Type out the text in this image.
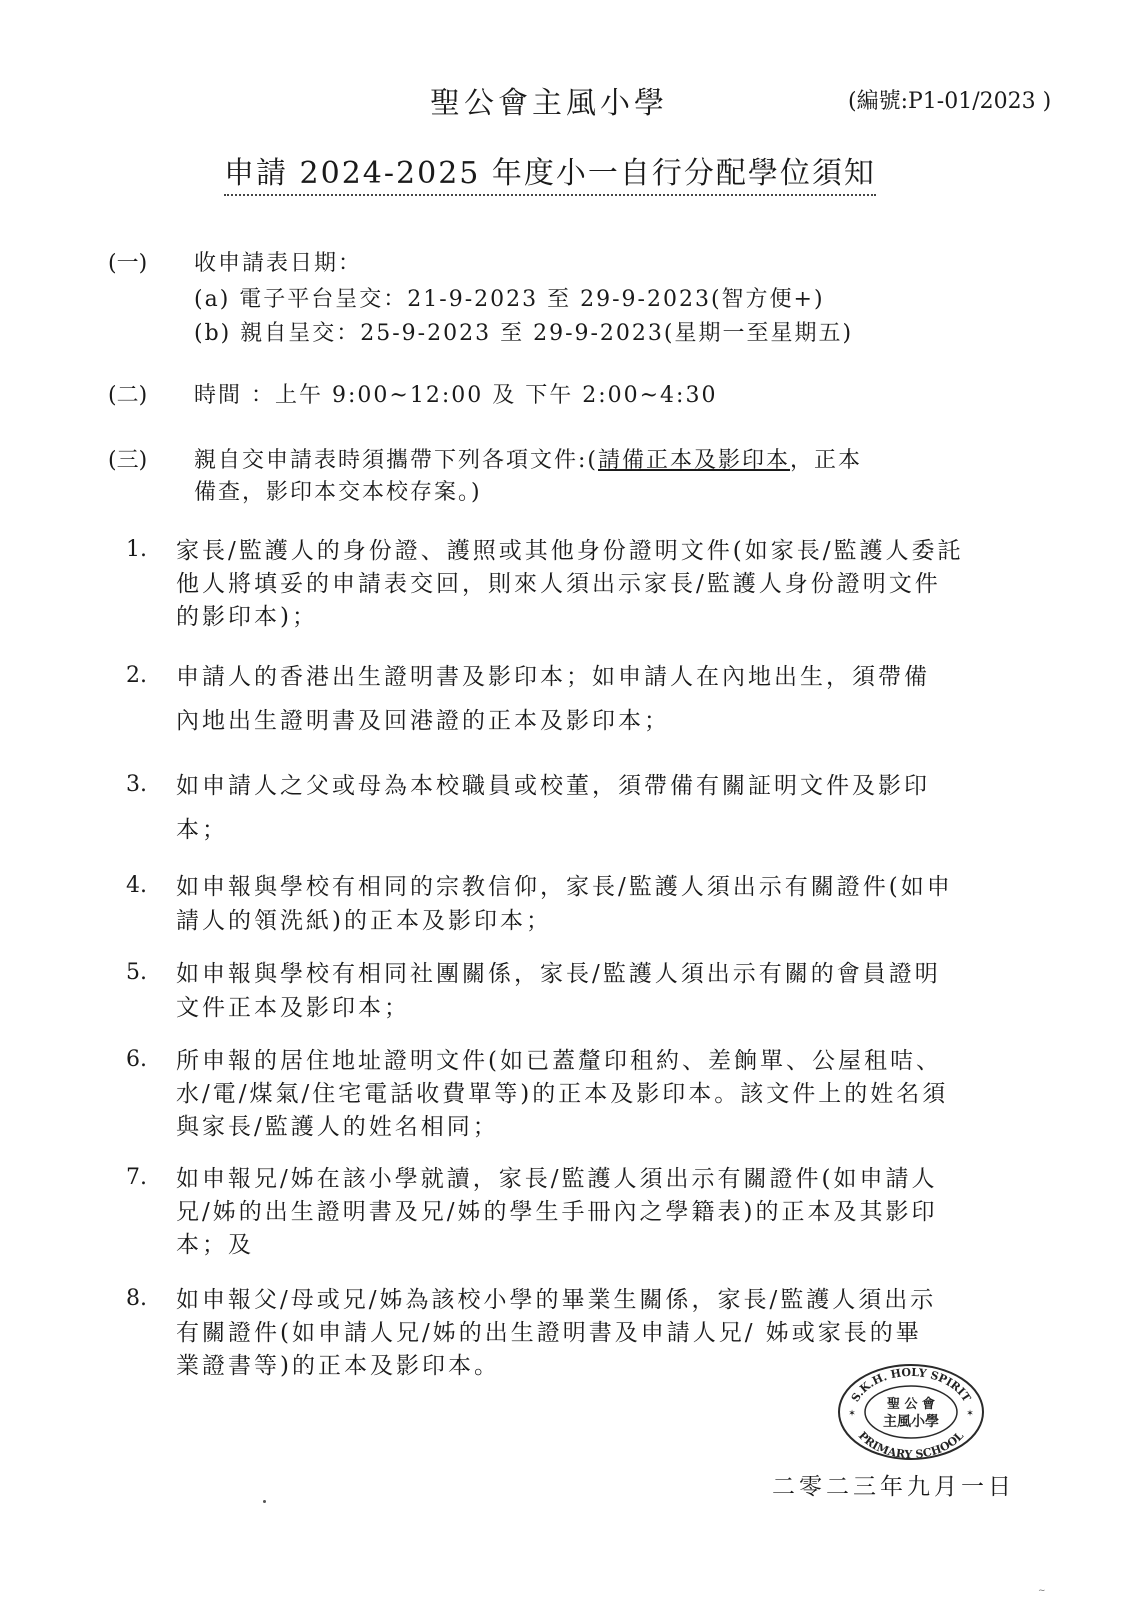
聖公會主風小學	(編號:P1-01/2023 )
申請 2024-2025 年度小一自行分配學位須知
(一) 收申請表日期：
(a) 電子平台呈交：21-9-2023 至 29-9-2023(智方便+)
(b) 親自呈交：25-9-2023 至 29-9-2023(星期一至星期五)
(二) 時間 ：上午 9:00~12:00 及 下午 2:00~4:30
(三) 親自交申請表時須攜帶下列各項文件:(請備正本及影印本，正本
備查，影印本交本校存案。)
1. 家長/監護人的身份證、護照或其他身份證明文件(如家長/監護人委託
他人將填妥的申請表交回，則來人須出示家長/監護人身份證明文件
的影印本)；
2. 申請人的香港出生證明書及影印本；如申請人在內地出生，須帶備
內地出生證明書及回港證的正本及影印本；
3. 如申請人之父或母為本校職員或校董，須帶備有關証明文件及影印
本；
4. 如申報與學校有相同的宗教信仰，家長/監護人須出示有關證件(如申
請人的領洗紙)的正本及影印本；
5. 如申報與學校有相同社團關係，家長/監護人須出示有關的會員證明
文件正本及影印本；
6. 所申報的居住地址證明文件(如已蓋釐印租約、差餉單、公屋租咭、
水/電/煤氣/住宅電話收費單等)的正本及影印本。該文件上的姓名須
與家長/監護人的姓名相同；
7. 如申報兄/姊在該小學就讀，家長/監護人須出示有關證件(如申請人
兄/姊的出生證明書及兄/姊的學生手冊內之學籍表)的正本及其影印
本；及
8. 如申報父/母或兄/姊為該校小學的畢業生關係，家長/監護人須出示
有關證件(如申請人兄/姊的出生證明書及申請人兄/ 姊或家長的畢
業證書等)的正本及影印本。
S.K.H. HOLY SPIRIT
PRIMARY SCHOOL
✶	✶
聖 公 會
主風小學
二零二三年九月一日
~
